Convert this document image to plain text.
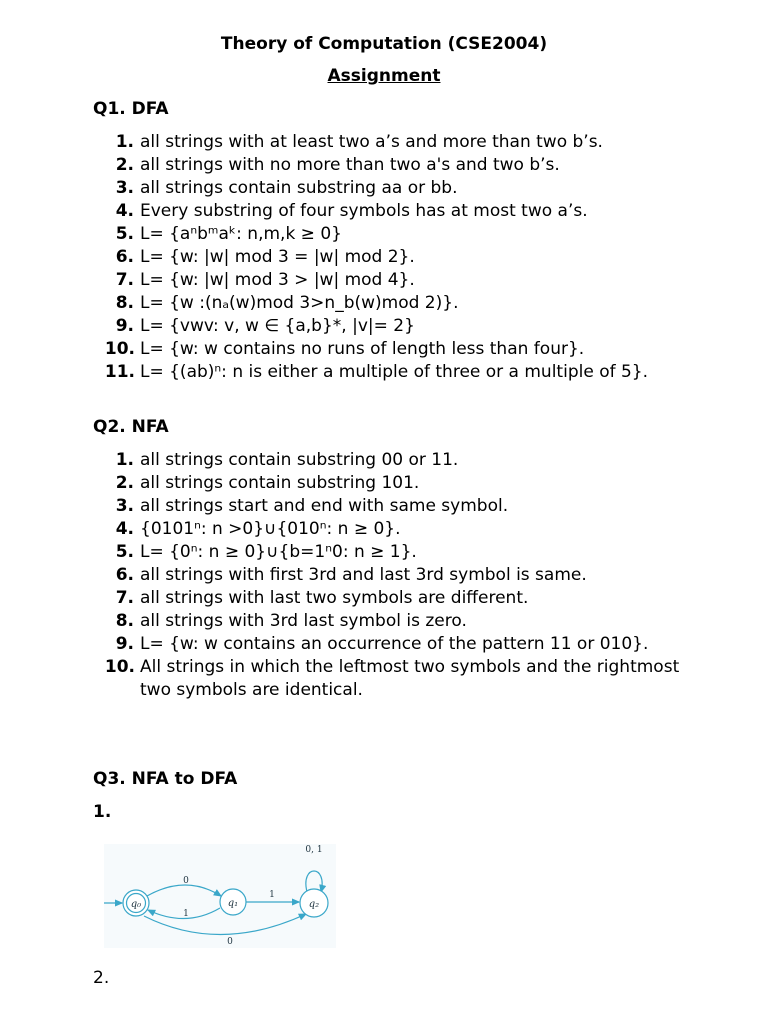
Theory of Computation (CSE2004)
Assignment
Q1. DFA
1. all strings with at least two a’s and more than two b’s.
2. all strings with no more than two a's and two b’s.
3. all strings contain substring aa or bb.
4. Every substring of four symbols has at most two a’s.
5. L= {aⁿbᵐaᵏ: n,m,k ≥ 0}
6. L= {w: |w| mod 3 = |w| mod 2}.
7. L= {w: |w| mod 3 > |w| mod 4}.
8. L= {w :(nₐ(w)mod 3>n_b(w)mod 2)}.
9. L= {vwv: v, w ∈ {a,b}*, |v|= 2}
10. L= {w: w contains no runs of length less than four}.
11. L= {(ab)ⁿ: n is either a multiple of three or a multiple of 5}.
Q2. NFA
1. all strings contain substring 00 or 11.
2. all strings contain substring 101.
3. all strings start and end with same symbol.
4. {0101ⁿ: n >0}∪{010ⁿ: n ≥ 0}.
5. L= {0ⁿ: n ≥ 0}∪{b=1ⁿ0: n ≥ 1}.
6. all strings with first 3rd and last 3rd symbol is same.
7. all strings with last two symbols are different.
8. all strings with 3rd last symbol is zero.
9. L= {w: w contains an occurrence of the pattern 11 or 010}.
10. All strings in which the leftmost two symbols and the rightmost two symbols are identical.
Q3. NFA to DFA
1.
q₀	q₁	q₂
0
1
1
0
0, 1
2.
